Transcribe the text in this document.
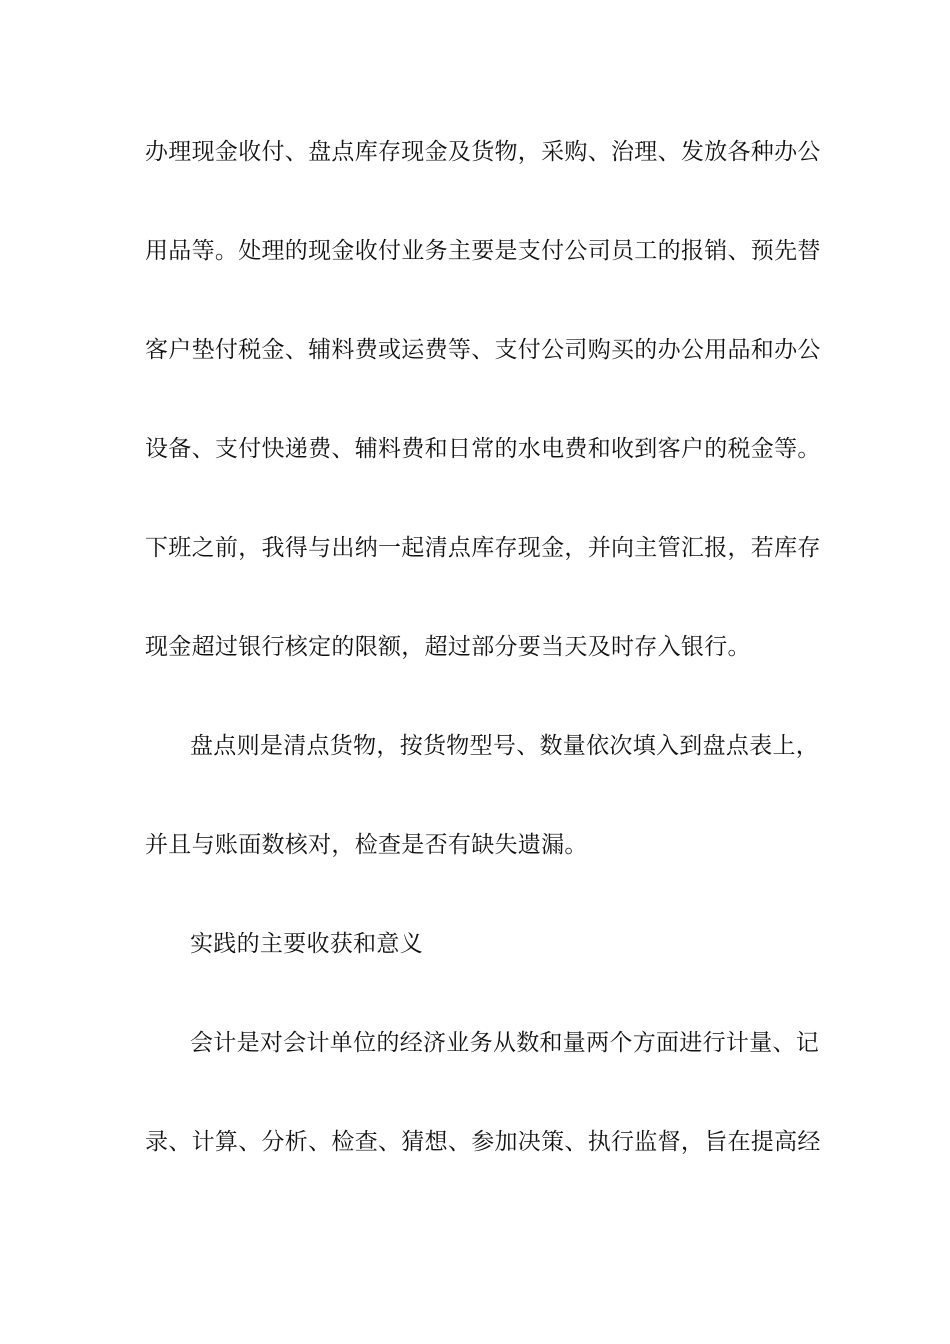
办理现金收付、盘点库存现金及货物，采购、治理、发放各种办公
用品等。处理的现金收付业务主要是支付公司员工的报销、预先替
客户垫付税金、辅料费或运费等、支付公司购买的办公用品和办公
设备、支付快递费、辅料费和日常的水电费和收到客户的税金等。
下班之前，我得与出纳一起清点库存现金，并向主管汇报，若库存
现金超过银行核定的限额，超过部分要当天及时存入银行。
盘点则是清点货物，按货物型号、数量依次填入到盘点表上，
并且与账面数核对，检查是否有缺失遗漏。
实践的主要收获和意义
会计是对会计单位的经济业务从数和量两个方面进行计量、记
录、计算、分析、检查、猜想、参加决策、执行监督，旨在提高经
